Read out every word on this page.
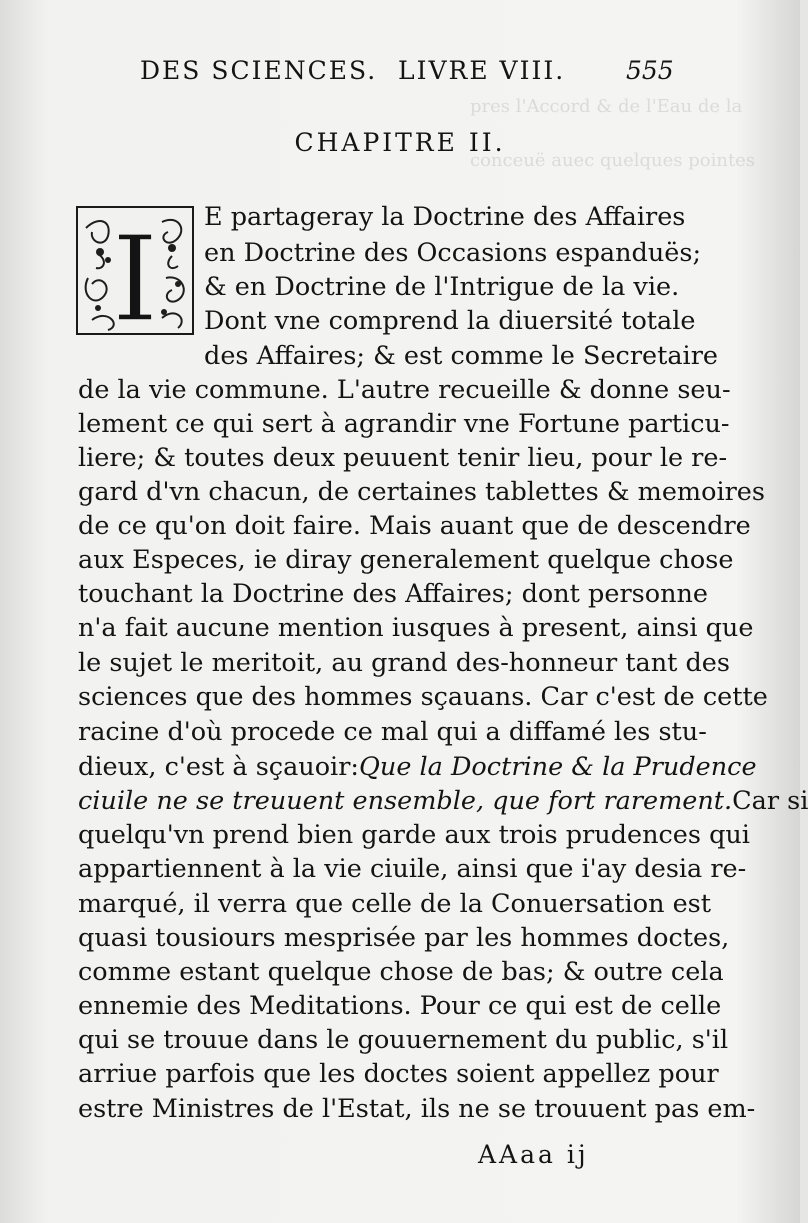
pres l'Accord & de l'Eau de la
conceuë auec quelques pointes
DES SCIENCES. LIVRE VIII. 555
CHAPITRE II.
I E partageray la Doctrine des Affaires
en Doctrine des Occasions espanduës;
& en Doctrine de l'Intrigue de la vie.
Dont vne comprend la diuersité totale
des Affaires; & est comme le Secretaire
de la vie commune. L'autre recueille & donne seu-
lement ce qui sert à agrandir vne Fortune particu-
liere; & toutes deux peuuent tenir lieu, pour le re-
gard d'vn chacun, de certaines tablettes & memoires
de ce qu'on doit faire. Mais auant que de descendre
aux Especes, ie diray generalement quelque chose
touchant la Doctrine des Affaires; dont personne
n'a fait aucune mention iusques à present, ainsi que
le sujet le meritoit, au grand des-honneur tant des
sciences que des hommes sçauans. Car c'est de cette
racine d'où procede ce mal qui a diffamé les stu-
dieux, c'est à sçauoir: Que la Doctrine & la Prudence
ciuile ne se treuuent ensemble, que fort rarement. Car si
quelqu'vn prend bien garde aux trois prudences qui
appartiennent à la vie ciuile, ainsi que i'ay desia re-
marqué, il verra que celle de la Conuersation est
quasi tousiours mesprisée par les hommes doctes,
comme estant quelque chose de bas; & outre cela
ennemie des Meditations. Pour ce qui est de celle
qui se trouue dans le gouuernement du public, s'il
arriue parfois que les doctes soient appellez pour
estre Ministres de l'Estat, ils ne se trouuent pas em-
AAaa ij
